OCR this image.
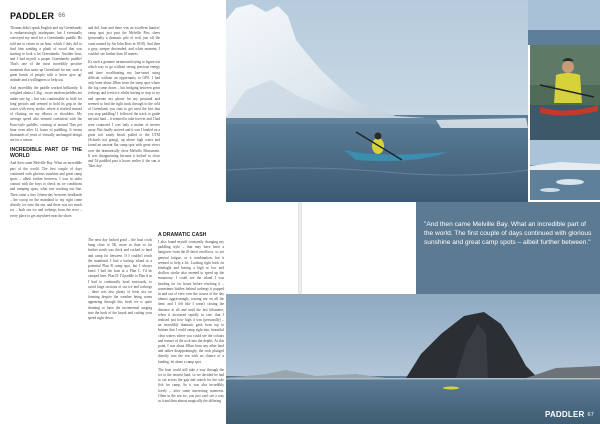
PADDLER 66

Thomas didn't speak English and my Greenlandic is embarrassingly inadequate, but I eventually conveyed my need for a Greenlandic paddle. He told me to return in an hour, which I duly did to find him sanding a plank of wood that was starting to look a lot Greenlandic. Another hour, and I had myself a proper Greenlandic paddle! That's one of the most incredibly positive moments that sums up Greenland for me: such a great bunch of people with a 'never give up' attitude and a willingness to help out.

And incredibly the paddle worked brilliantly. It weighed almost 1.2kg – more modern paddles are under one kg – but was comfortable to hold for long periods and seemed to hold its grip in the water with every stroke, where it worked instead of floating on my elbows or shoulders. My average speed also seemed consistent with the Euro-style paddles, cruising at around 7km per hour even after 12 hours of paddling. It seems thousands of years of virtually unchanged design are for a reason.

INCREDIBLE PART OF THE WORLD

And then came Melville Bay. What an incredible part of the world. The first couple of days continued with glorious sunshine and great camp spots – albeit further between. I was in radio contact with the boys to check on ice conditions and camping spots, what was working out fine. Then came a tiny fifteen-day between headlands – the scoop on the mainland to my right came directly ice onto the sea, and there was too much ice – both sea ice and icebergs from the river – every place to get anywhere near the shore.

and did, boat and there was an excellent hunters' camp spot just past the Melville Pier, sheer (personally a dramatic pile of rock just off the coast named by Sir John Ross in 1818). And then a gray, steeper descended, and white moment, I couldn't see further than 10 metres.

It's such a genuine turnaround trying to figure out which way to go without seeing precious energy and time recalibrating my late-onset using difficult without an opportunity to GPS. I had only been about 28km from the steep spot where the fog came down – but bridging between great icebergs and fresh ice whilst having to stop to try and operate my phone for my personal and seemed to find the right track through to the cold of Greenland, you start to get used the fact that you stop paddling! I followed the track to guide me into land – it seemed to take forever and I had seen contacted I was only a matter of metres away. But finally arrived and it was I landed on a great soft sandy beach pulled to the UTM (Schools not going), up above high water and found an ancient flat camp spot with great views over the dramatically close Melville Monument. It was disappointing because it looked so close and I'd paddled past it hours earlier if the sun is 'likes day'.

The next day looked good – the boat cools hung close to 5K, more so than so far further north was thick and rocked to land and camp for between. If I couldn't reach the mainland, I had a backup island at a potential Plan B camp spot, but I always knew I had the boat at a Plan C. I'd be camped here. Plan D: I'd paddle to Plan A as I had to continually head eastwards, to avoid large sections of sea ice and icebergs – there was also plenty of fresh sea ice forming despite the weather being warm appearing through this fresh ice is quite draining to have the incremental surging into the back of the kayak and cutting your speed right down.

A DRAMATIC CASH

I also found myself constantly changing my paddling style – that may have been a hangover from the ill-fated overflows, so yet general fatigue, or a combination, but it seemed to help a lot. Looking right back on hindsight and having a high or low and shallow stroke also seemed to speed up the monotony. I could see the island I was heading for for hours before reaching it – sometimes hidden behind icebergs it popped in and out of view over the course of the day almost aggravatingly, teasing me on all the time, and I felt like I wasn't closing the distance at all and until the last kilometre, when it increased rapidly in size, that I realised just how high it was (personally) – an incredibly dramatic gash from top to bottom that I could camp right into, beautiful clear waters where you could see the colours and texture of the rock into the depths. At this point, I was about 28km from any other land and rather disappointingly, the rock plunged directly into the sea with no chance of a landing, let alone a camp spot.

The boat could still take a way through the ice to the nearest land, so we decided he had to cut across the gap and search for the sole fish for camp. So it was also incredibly lovely – after some interesting moments. Often in the sea ice, you just can't see a way in it and then almost magically the differing

"And then came Melville Bay. What an incredible part of the world. The first couple of days continued with glorious sunshine and great camp spots – albeit further between."
PADDLER 67
